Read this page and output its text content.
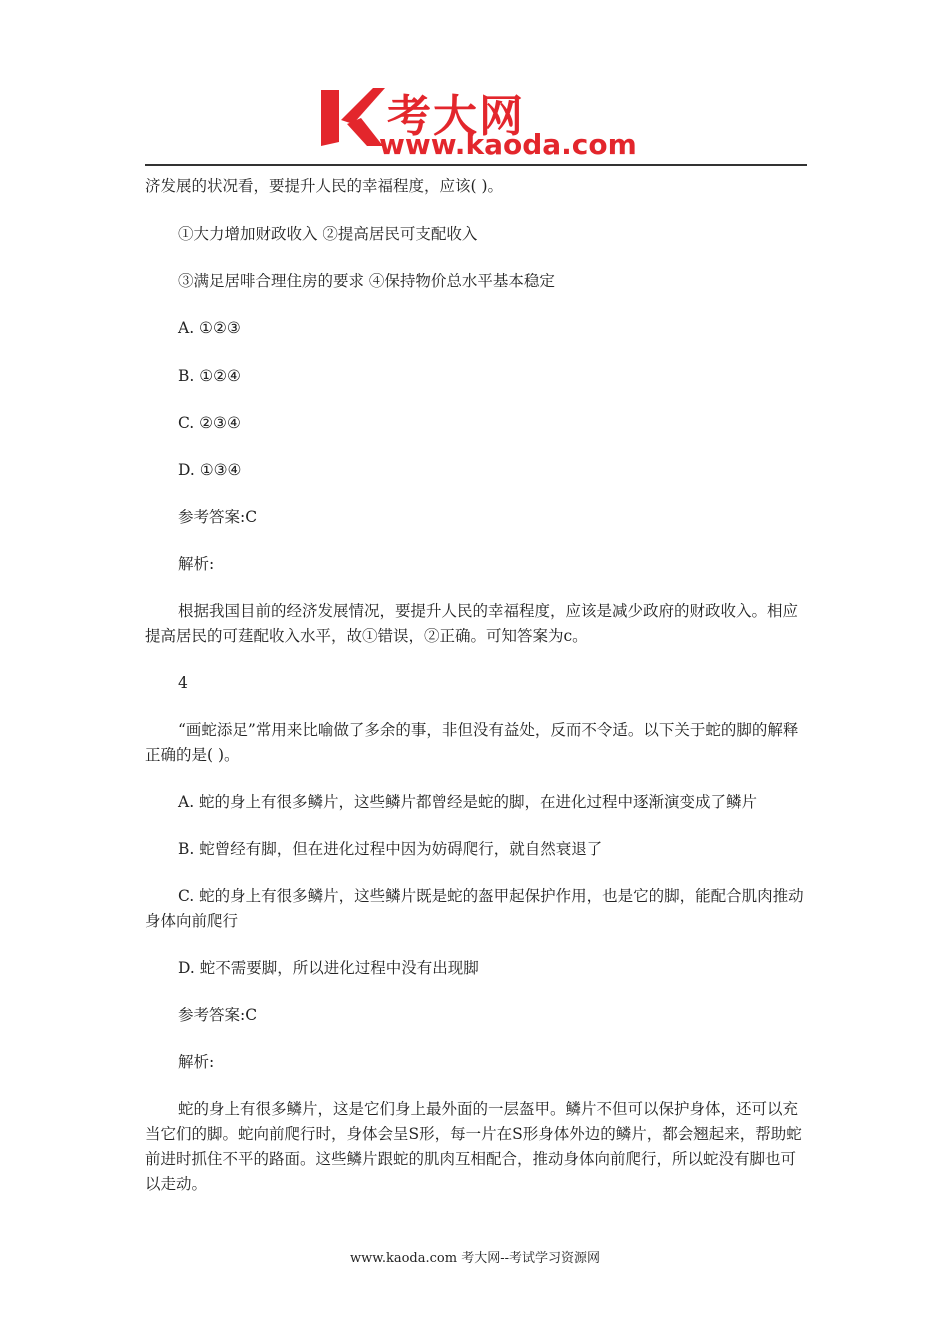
考大网
www.kaoda.com

济发展的状况看，要提升人民的幸福程度，应该( )。

①大力增加财政收入 ②提高居民可支配收入

③满足居啡合理住房的要求 ④保持物价总水平基本稳定

A. ①②③

B. ①②④

C. ②③④

D. ①③④

参考答案:C

解析:

根据我国目前的经济发展情况，要提升人民的幸福程度，应该是减少政府的财政收入。相应提高居民的可莛配收入水平，故①错误，②正确。可知答案为c。

4

“画蛇添足”常用来比喻做了多余的事，非但没有益处，反而不令适。以下关于蛇的脚的解释正确的是( )。

A. 蛇的身上有很多鳞片，这些鳞片都曾经是蛇的脚，在进化过程中逐渐演变成了鳞片

B. 蛇曾经有脚，但在进化过程中因为妨碍爬行，就自然衰退了

C. 蛇的身上有很多鳞片，这些鳞片既是蛇的盔甲起保护作用，也是它的脚，能配合肌肉推动身体向前爬行

D. 蛇不需要脚，所以进化过程中没有出现脚

参考答案:C

解析:

蛇的身上有很多鳞片，这是它们身上最外面的一层盔甲。鳞片不但可以保护身体，还可以充当它们的脚。蛇向前爬行时，身体会呈S形，每一片在S形身体外边的鳞片，都会翘起来，帮助蛇前进时抓住不平的路面。这些鳞片跟蛇的肌肉互相配合，推动身体向前爬行，所以蛇没有脚也可以走动。

www.kaoda.com 考大网--考试学习资源网
